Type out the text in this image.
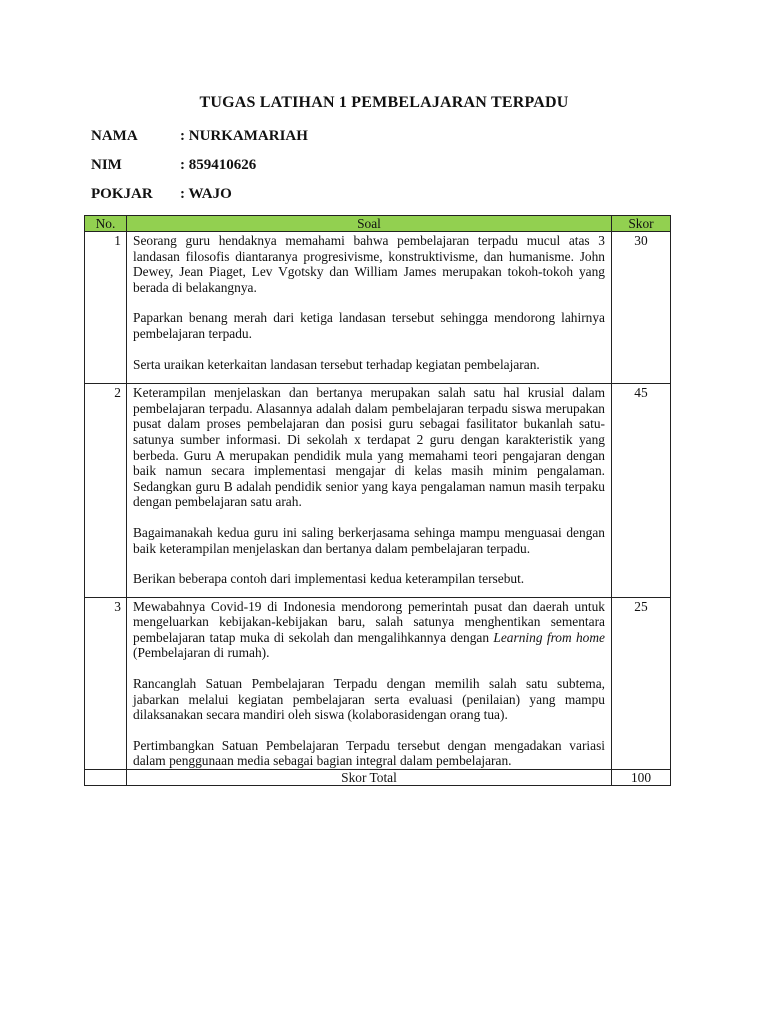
TUGAS LATIHAN 1 PEMBELAJARAN TERPADU
NAMA	: NURKAMARIAH
NIM	: 859410626
POKJAR : WAJO
No.	Soal	Skor
1	Seorang guru hendaknya memahami bahwa pembelajaran terpadu mucul atas 3 landasan filosofis diantaranya progresivisme, konstruktivisme, dan humanisme. John Dewey, Jean Piaget, Lev Vgotsky dan William James merupakan tokoh-tokoh yang berada di belakangnya.

Paparkan benang merah dari ketiga landasan tersebut sehingga mendorong lahirnya pembelajaran terpadu.

Serta uraikan keterkaitan landasan tersebut terhadap kegiatan pembelajaran.	30
2	Keterampilan menjelaskan dan bertanya merupakan salah satu hal krusial dalam pembelajaran terpadu. Alasannya adalah dalam pembelajaran terpadu siswa merupakan pusat dalam proses pembelajaran dan posisi guru sebagai fasilitator bukanlah satu-satunya sumber informasi. Di sekolah x terdapat 2 guru dengan karakteristik yang berbeda. Guru A merupakan pendidik mula yang memahami teori pengajaran dengan baik namun secara implementasi mengajar di kelas masih minim pengalaman. Sedangkan guru B adalah pendidik senior yang kaya pengalaman namun masih terpaku dengan pembelajaran satu arah.

Bagaimanakah kedua guru ini saling berkerjasama sehinga mampu menguasai dengan baik keterampilan menjelaskan dan bertanya dalam pembelajaran terpadu.

Berikan beberapa contoh dari implementasi kedua keterampilan tersebut.	45
3	Mewabahnya Covid-19 di Indonesia mendorong pemerintah pusat dan daerah untuk mengeluarkan kebijakan-kebijakan baru, salah satunya menghentikan sementara pembelajaran tatap muka di sekolah dan mengalihkannya dengan Learning from home (Pembelajaran di rumah).

Rancanglah Satuan Pembelajaran Terpadu dengan memilih salah satu subtema, jabarkan melalui kegiatan pembelajaran serta evaluasi (penilaian) yang mampu dilaksanakan secara mandiri oleh siswa (kolaborasidengan orang tua).

Pertimbangkan Satuan Pembelajaran Terpadu tersebut dengan mengadakan variasi dalam penggunaan media sebagai bagian integral dalam pembelajaran.	25
	Skor Total	100
